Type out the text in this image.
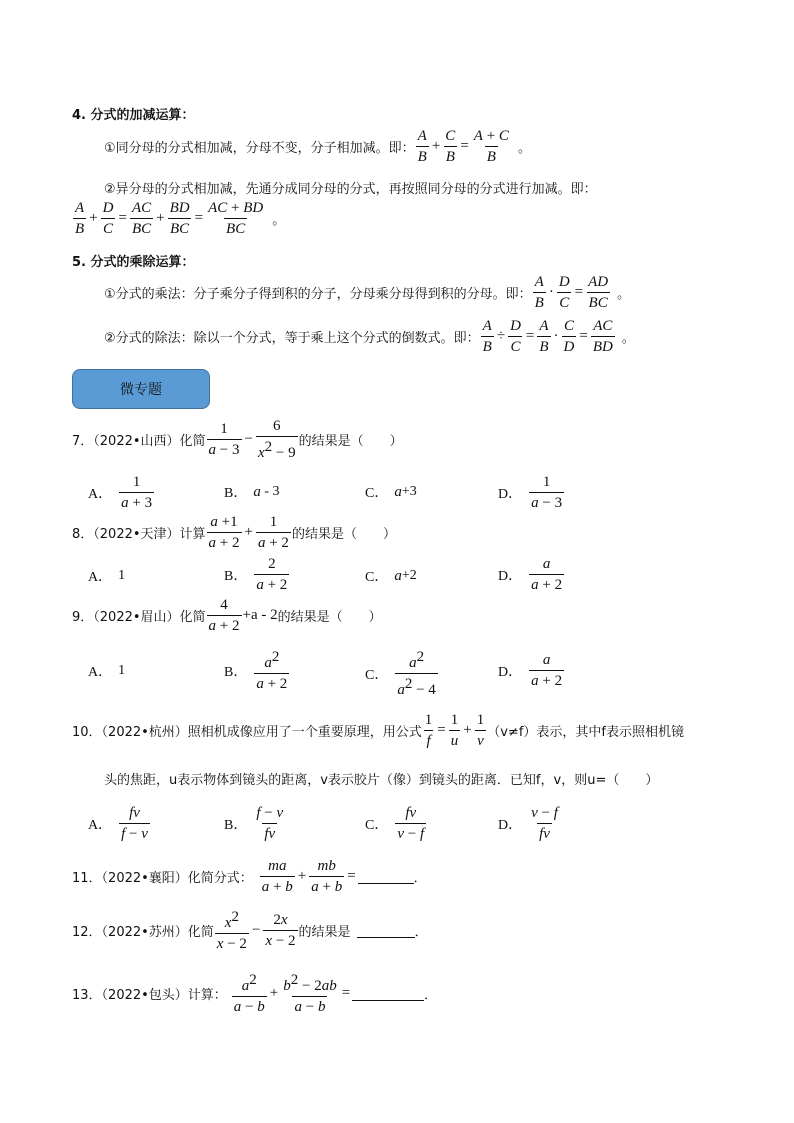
4. 分式的加减运算：
①同分母的分式相加减，分母不变，分子相加减。即： $\frac{A}{B} + \frac{C}{B} = \frac{A + C}{B}$ 。
②异分母的分式相加减，先通分成同分母的分式，再按照同分母的分式进行加减。即：
$\frac{A}{B} + \frac{D}{C} = \frac{AC}{BC} + \frac{BD}{BC} = \frac{AC + BD}{BC}$ 。
5. 分式的乘除运算：
①分式的乘法：分子乘分子得到积的分子，分母乘分母得到积的分母。即： $\frac{A}{B} \cdot \frac{D}{C} = \frac{AD}{BC}$ 。
②分式的除法：除以一个分式，等于乘上这个分式的倒数式。即： $\frac{A}{B} \div \frac{D}{C} = \frac{A}{B} \cdot \frac{C}{D} = \frac{AC}{BD}$ 。
微专题
7．（2022•山西）化简 $\frac{1}{a - 3} - \frac{6}{x^2 - 9}$ 的结果是（　　）
A． $\frac{1}{a + 3}$	B． a - 3	C． a +3	D． $\frac{1}{a - 3}$
8．（2022•天津）计算 $\frac{a +1}{a + 2} + \frac{1}{a + 2}$ 的结果是（　　）
A． 1	B． $\frac{2}{a + 2}$	C． a +2	D． $\frac{a}{a + 2}$
9．（2022•眉山）化简 $\frac{4}{a + 2} +a - 2$ 的结果是（　　）
A． 1	B． $\frac{a^2}{a + 2}$	C． $\frac{a^2}{a^2 - 4}$	D． $\frac{a}{a + 2}$
10．（2022•杭州）照相机成像应用了一个重要原理，用公式 $\frac{1}{f} = \frac{1}{u} + \frac{1}{v} (v\ne f)$表示，其中f表示照相机镜
头的焦距，u表示物体到镜头的距离，v表示胶片（像）到镜头的距离．已知f，v，则u=（　　）
A． $\frac{fv}{f - v}$	B． $\frac{f - v}{fv}$	C． $\frac{fv}{v - f}$	D． $\frac{v - f}{fv}$
11．（2022•襄阳）化简分式： $\frac{ma}{a + b} + \frac{mb}{a + b}$ =	．
12．（2022•苏州）化简 $\frac{x^2}{x - 2} - \frac{2x}{x - 2}$ 的结果是	．
13．（2022•包头）计算： $\frac{a^2}{a - b} + \frac{b^2 - 2ab}{a - b}$ =	．
